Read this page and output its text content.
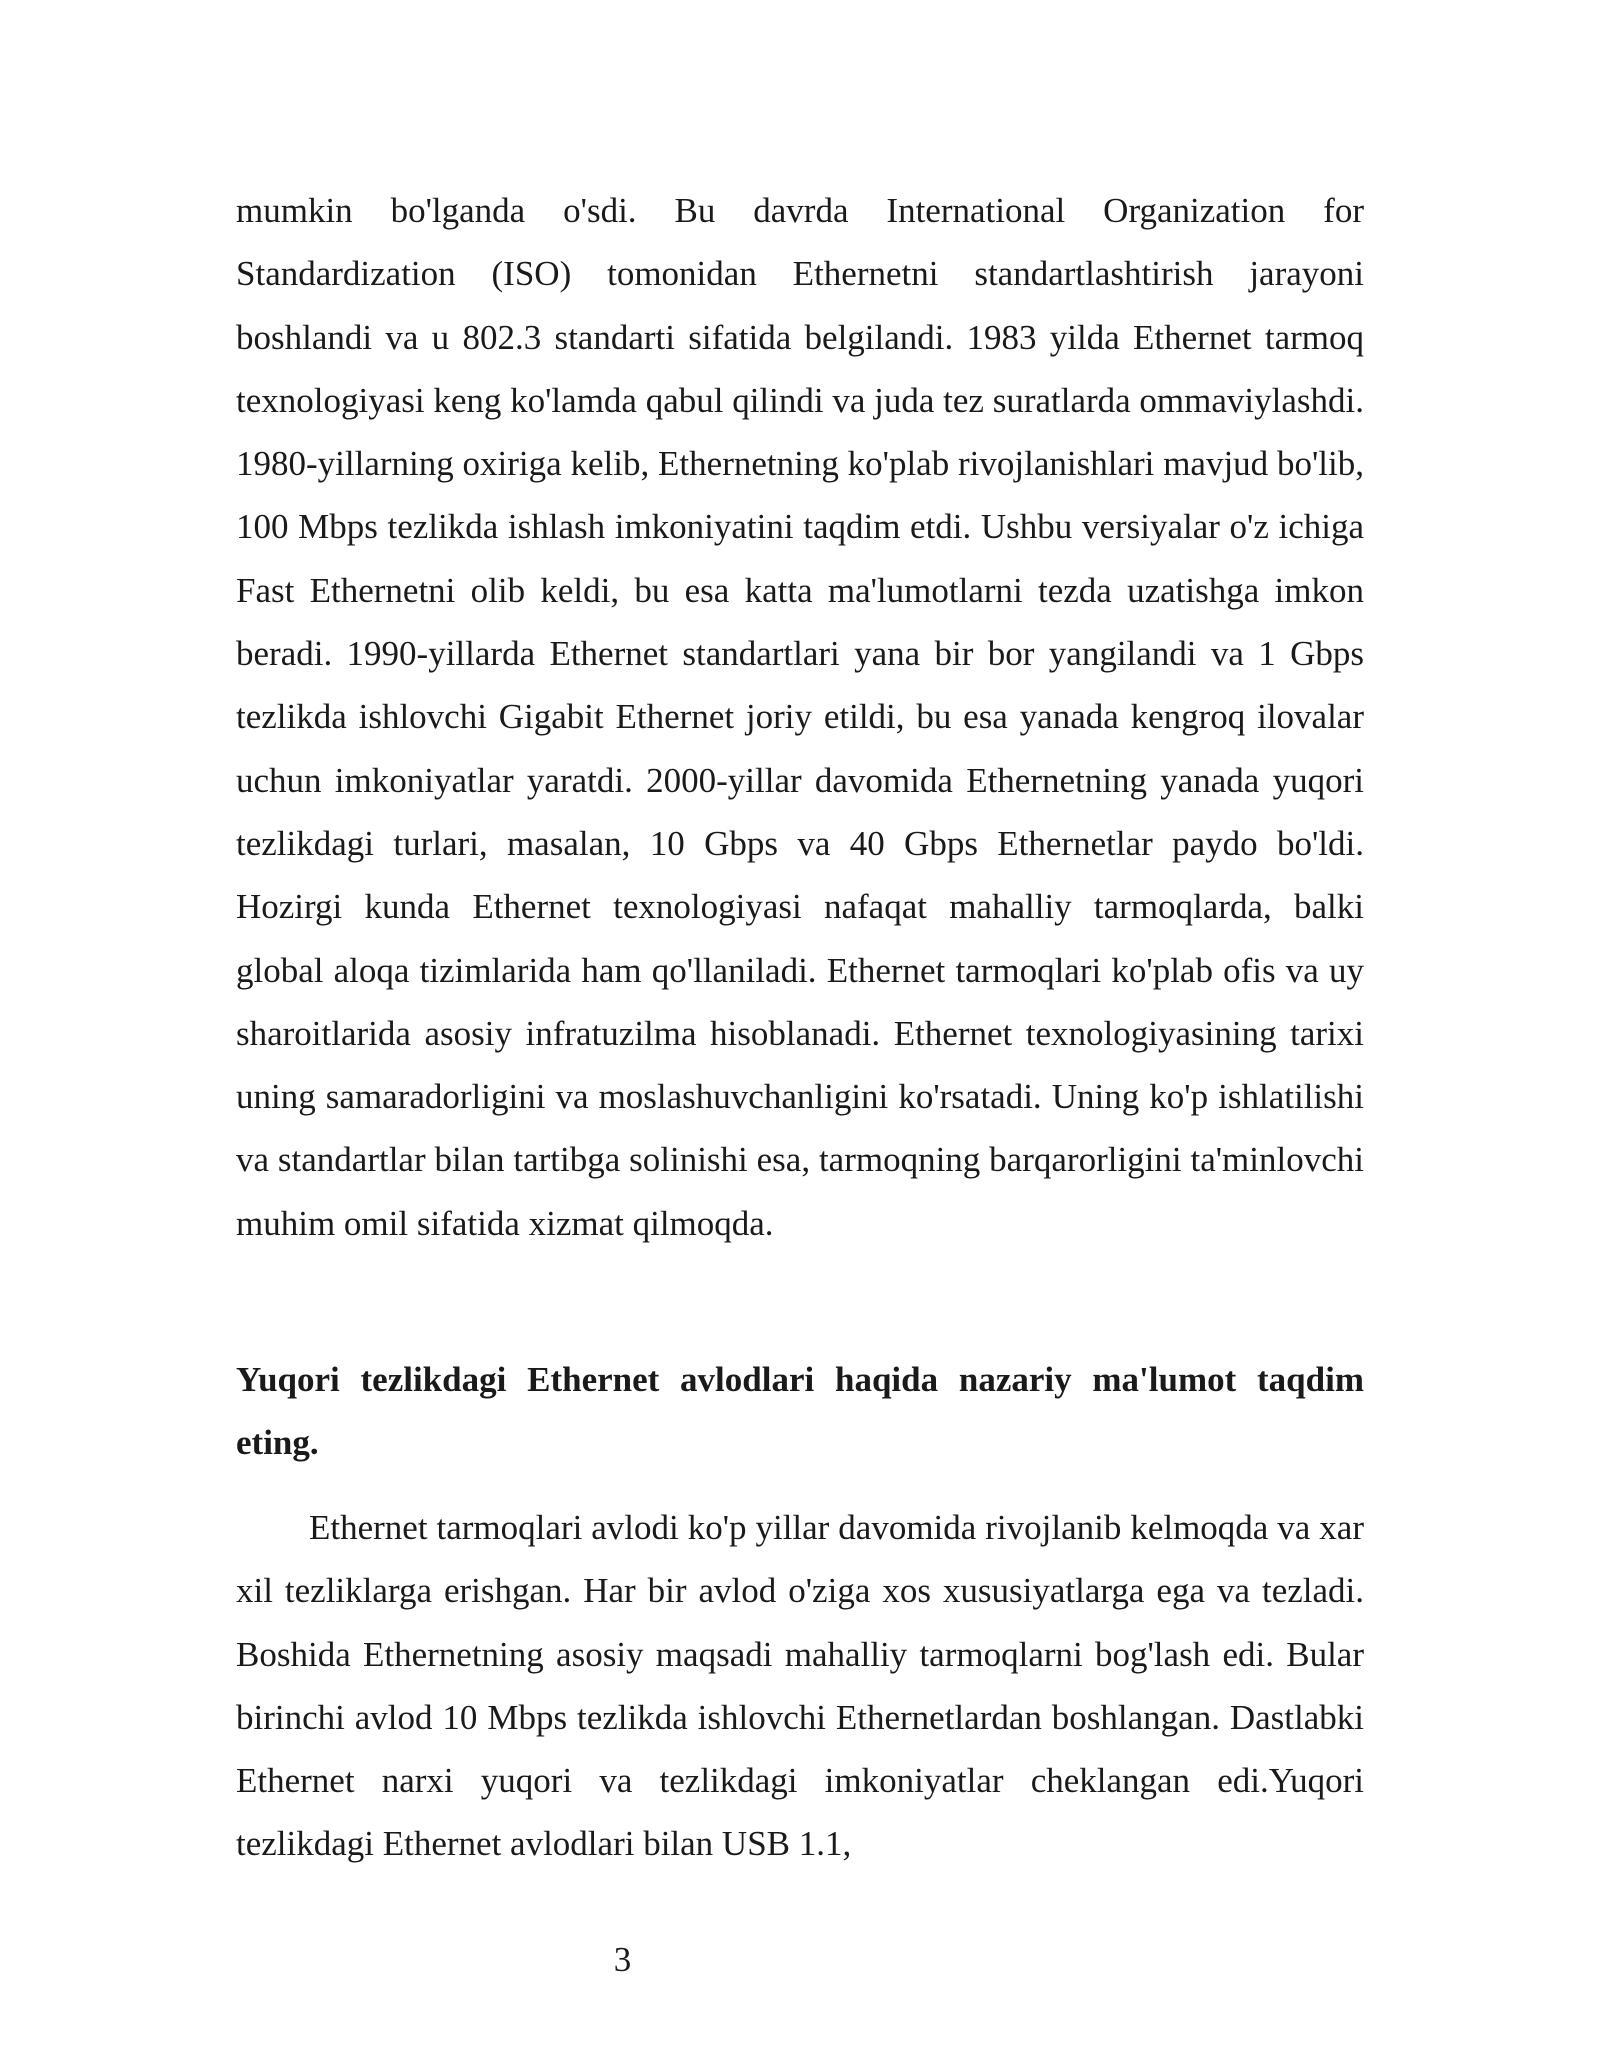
mumkin bo'lganda o'sdi. Bu davrda International Organization for Standardization (ISO) tomonidan Ethernetni standartlashtirish jarayoni boshlandi va u 802.3 standarti sifatida belgilandi. 1983 yilda Ethernet tarmoq texnologiyasi keng ko'lamda qabul qilindi va juda tez suratlarda ommaviylashdi. 1980-yillarning oxiriga kelib, Ethernetning ko'plab rivojlanishlari mavjud bo'lib, 100 Mbps tezlikda ishlash imkoniyatini taqdim etdi. Ushbu versiyalar o'z ichiga Fast Ethernetni olib keldi, bu esa katta ma'lumotlarni tezda uzatishga imkon beradi. 1990-yillarda Ethernet standartlari yana bir bor yangilandi va 1 Gbps tezlikda ishlovchi Gigabit Ethernet joriy etildi, bu esa yanada kengroq ilovalar uchun imkoniyatlar yaratdi. 2000-yillar davomida Ethernetning yanada yuqori tezlikdagi turlari, masalan, 10 Gbps va 40 Gbps Ethernetlar paydo bo'ldi. Hozirgi kunda Ethernet texnologiyasi nafaqat mahalliy tarmoqlarda, balki global aloqa tizimlarida ham qo'llaniladi. Ethernet tarmoqlari ko'plab ofis va uy sharoitlarida asosiy infratuzilma hisoblanadi. Ethernet texnologiyasining tarixi uning samaradorligini va moslashuvchanligini ko'rsatadi. Uning ko'p ishlatilishi va standartlar bilan tartibga solinishi esa, tarmoqning barqarorligini ta'minlovchi muhim omil sifatida xizmat qilmoqda.

Yuqori tezlikdagi Ethernet avlodlari haqida nazariy ma'lumot taqdim eting.

Ethernet tarmoqlari avlodi ko'p yillar davomida rivojlanib kelmoqda va xar xil tezliklarga erishgan. Har bir avlod o'ziga xos xususiyatlarga ega va tezladi. Boshida Ethernetning asosiy maqsadi mahalliy tarmoqlarni bog'lash edi. Bular birinchi avlod 10 Mbps tezlikda ishlovchi Ethernetlardan boshlangan. Dastlabki Ethernet narxi yuqori va tezlikdagi imkoniyatlar cheklangan edi.Yuqori tezlikdagi Ethernet avlodlari bilan USB 1.1,

3
